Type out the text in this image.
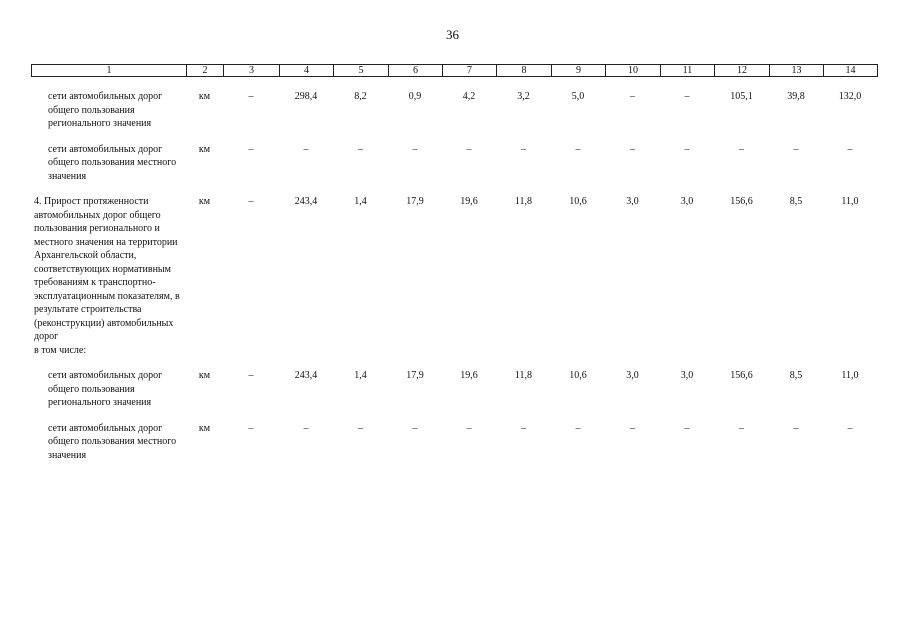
36
1	2	3	4	5	6	7	8	9	10	11	12	13	14
сети автомобильных дорог общего пользования регионального значения	км	–	298,4	8,2	0,9	4,2	3,2	5,0	–	–	105,1	39,8	132,0
сети автомобильных дорог общего пользования местного значения	км	–	–	–	–	–	–	–	–	–	–	–	–
4. Прирост протяженности автомобильных дорог общего пользования регионального и местного значения на территории Архангельской области, соответствующих нормативным требованиям к транспортно-эксплуатационным показателям, в результате строительства (реконструкции) автомобильных дорог	км	–	243,4	1,4	17,9	19,6	11,8	10,6	3,0	3,0	156,6	8,5	11,0
в том числе:													
сети автомобильных дорог общего пользования регионального значения	км	–	243,4	1,4	17,9	19,6	11,8	10,6	3,0	3,0	156,6	8,5	11,0
сети автомобильных дорог общего пользования местного значения	км	–	–	–	–	–	–	–	–	–	–	–	–
